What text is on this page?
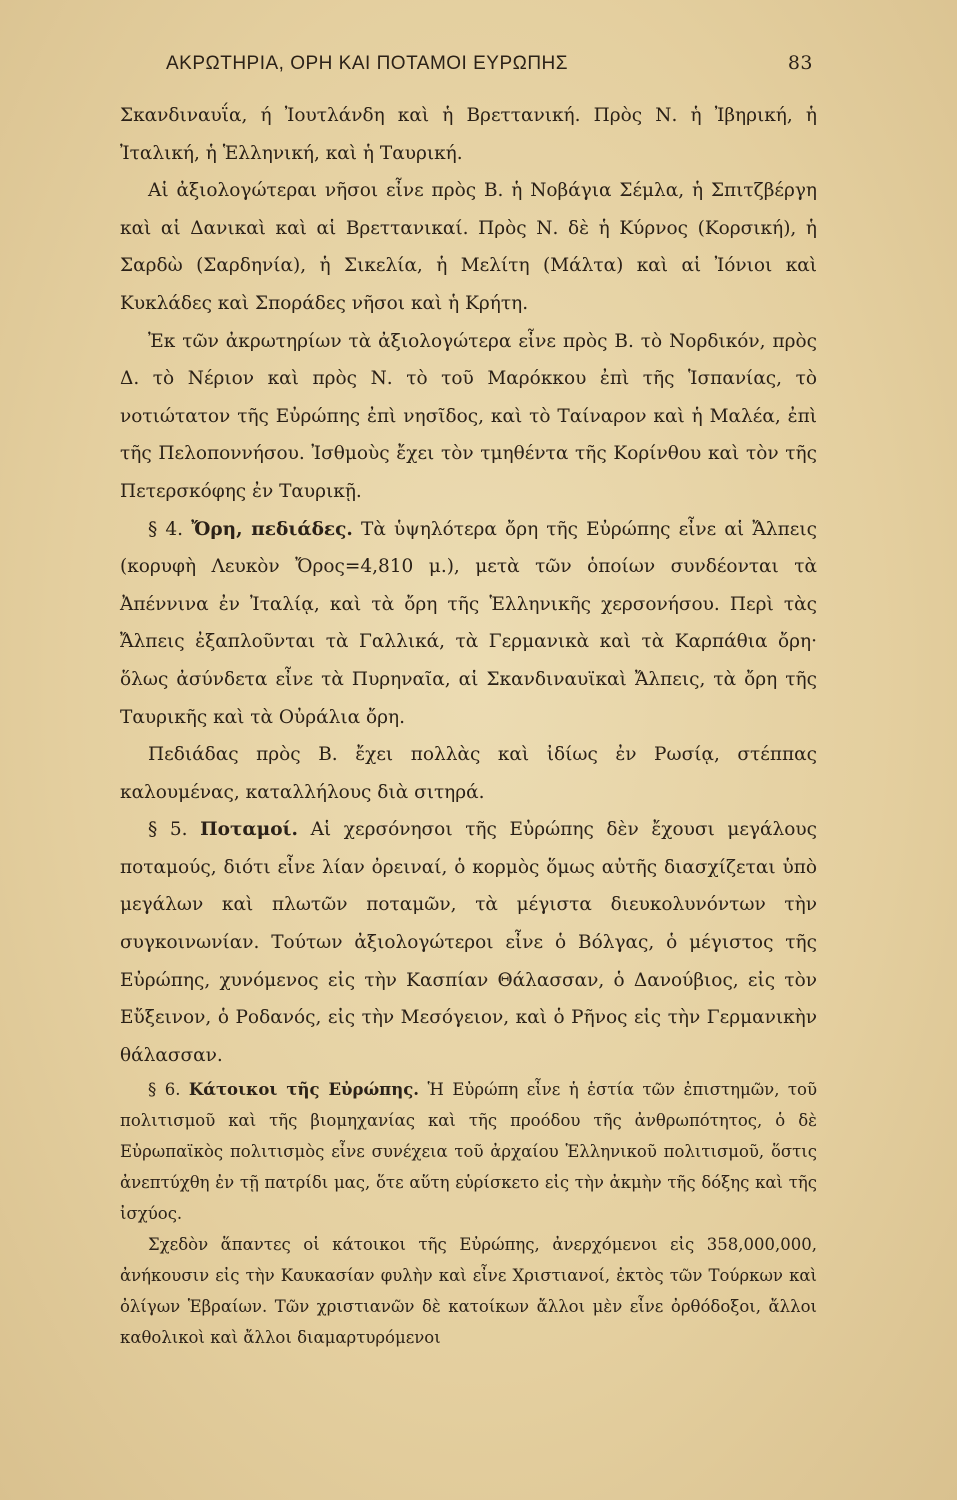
ΑΚΡΩΤΗΡΙΑ, ΟΡΗ ΚΑΙ ΠΟΤΑΜΟΙ ΕΥΡΩΠΗΣ	83

Σκανδιναυΐα, ή Ἰουτλάνδη καὶ ἡ Βρεττανική. Πρὸς Ν. ἡ Ἰβηρική, ἡ Ἰταλική, ἡ Ἑλληνική, καὶ ἡ Ταυρική.

Αἱ ἀξιολογώτεραι νῆσοι εἶνε πρὸς Β. ἡ Νοβάγια Σέμλα, ἡ Σπιτζβέργη καὶ αἱ Δανικαὶ καὶ αἱ Βρεττανικαί. Πρὸς Ν. δὲ ἡ Κύρνος (Κορσική), ἡ Σαρδὼ (Σαρδηνία), ἡ Σικελία, ἡ Μελίτη (Μάλτα) καὶ αἱ Ἰόνιοι καὶ Κυκλάδες καὶ Σποράδες νῆσοι καὶ ἡ Κρήτη.

Ἐκ τῶν ἀκρωτηρίων τὰ ἀξιολογώτερα εἶνε πρὸς Β. τὸ Νορδικόν, πρὸς Δ. τὸ Νέριον καὶ πρὸς Ν. τὸ τοῦ Μαρόκκου ἐπὶ τῆς Ἱσπανίας, τὸ νοτιώτατον τῆς Εὐρώπης ἐπὶ νησῖδος, καὶ τὸ Ταίναρον καὶ ἡ Μαλέα, ἐπὶ τῆς Πελοποννήσου. Ἰσθμοὺς ἔχει τὸν τμηθέντα τῆς Κορίνθου καὶ τὸν τῆς Πετερσκόφης ἐν Ταυρικῇ.

§ 4. Ὄρη, πεδιάδες. Τὰ ὑψηλότερα ὄρη τῆς Εὐρώπης εἶνε αἱ Ἄλπεις (κορυφὴ Λευκὸν Ὄρος=4,810 μ.), μετὰ τῶν ὁποίων συνδέονται τὰ Ἀπέννινα ἐν Ἰταλίᾳ, καὶ τὰ ὄρη τῆς Ἑλληνικῆς χερσονήσου. Περὶ τὰς Ἄλπεις ἐξαπλοῦνται τὰ Γαλλικά, τὰ Γερμανικὰ καὶ τὰ Καρπάθια ὄρη· ὅλως ἀσύνδετα εἶνε τὰ Πυρηναῖα, αἱ Σκανδιναυϊκαὶ Ἄλπεις, τὰ ὄρη τῆς Ταυρικῆς καὶ τὰ Οὐράλια ὄρη.

Πεδιάδας πρὸς Β. ἔχει πολλὰς καὶ ἰδίως ἐν Ρωσίᾳ, στέππας καλουμένας, καταλλήλους διὰ σιτηρά.

§ 5. Ποταμοί. Αἱ χερσόνησοι τῆς Εὐρώπης δὲν ἔχουσι μεγάλους ποταμούς, διότι εἶνε λίαν ὀρειναί, ὁ κορμὸς ὅμως αὐτῆς διασχίζεται ὑπὸ μεγάλων καὶ πλωτῶν ποταμῶν, τὰ μέγιστα διευκολυνόντων τὴν συγκοινωνίαν. Τούτων ἀξιολογώτεροι εἶνε ὁ Βόλγας, ὁ μέγιστος τῆς Εὐρώπης, χυνόμενος εἰς τὴν Κασπίαν Θάλασσαν, ὁ Δανούβιος, εἰς τὸν Εὔξεινον, ὁ Ροδανός, εἰς τὴν Μεσόγειον, καὶ ὁ Ρῆνος εἰς τὴν Γερμανικὴν θάλασσαν.

§ 6. Κάτοικοι τῆς Εὐρώπης. Ἡ Εὐρώπη εἶνε ἡ ἑστία τῶν ἐπιστημῶν, τοῦ πολιτισμοῦ καὶ τῆς βιομηχανίας καὶ τῆς προόδου τῆς ἀνθρωπότητος, ὁ δὲ Εὐρωπαϊκὸς πολιτισμὸς εἶνε συνέχεια τοῦ ἀρχαίου Ἑλληνικοῦ πολιτισμοῦ, ὅστις ἀνεπτύχθη ἐν τῇ πατρίδι μας, ὅτε αὕτη εὑρίσκετο εἰς τὴν ἀκμὴν τῆς δόξης καὶ τῆς ἰσχύος.

Σχεδὸν ἅπαντες οἱ κάτοικοι τῆς Εὐρώπης, ἀνερχόμενοι εἰς 358,000,000, ἀνήκουσιν εἰς τὴν Καυκασίαν φυλὴν καὶ εἶνε Χριστιανοί, ἐκτὸς τῶν Τούρκων καὶ ὀλίγων Ἑβραίων. Τῶν χριστιανῶν δὲ κατοίκων ἄλλοι μὲν εἶνε ὀρθόδοξοι, ἄλλοι καθολικοὶ καὶ ἄλλοι διαμαρτυρόμενοι
